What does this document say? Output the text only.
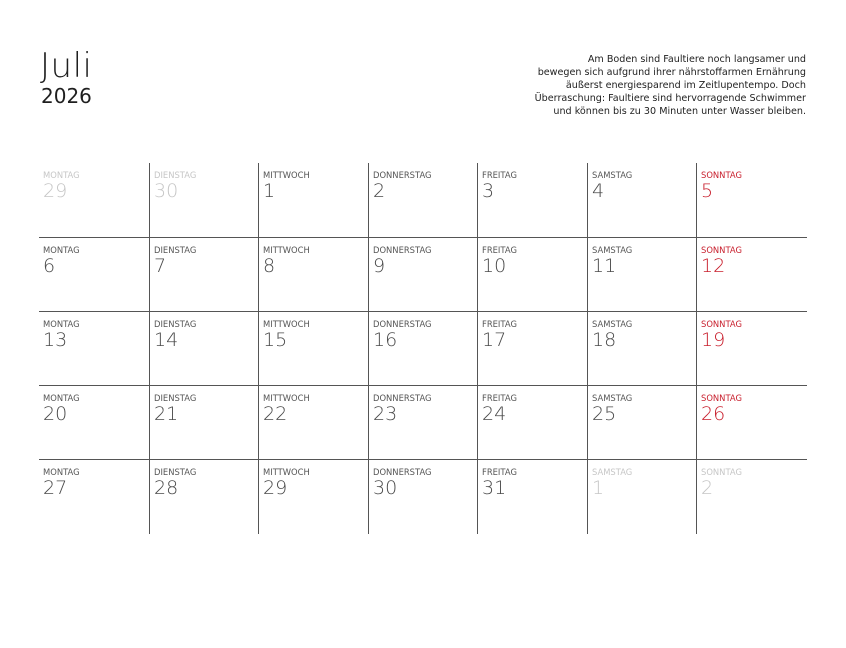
Juli
2026
Am Boden sind Faultiere noch langsamer und
bewegen sich aufgrund ihrer nährstoffarmen Ernährung
äußerst energiesparend im Zeitlupentempo. Doch
Überraschung: Faultiere sind hervorragende Schwimmer
und können bis zu 30 Minuten unter Wasser bleiben.
MONTAG
29
DIENSTAG
30
MITTWOCH
1
DONNERSTAG
2
FREITAG
3
SAMSTAG
4
SONNTAG
5
MONTAG
6
DIENSTAG
7
MITTWOCH
8
DONNERSTAG
9
FREITAG
10
SAMSTAG
11
SONNTAG
12
MONTAG
13
DIENSTAG
14
MITTWOCH
15
DONNERSTAG
16
FREITAG
17
SAMSTAG
18
SONNTAG
19
MONTAG
20
DIENSTAG
21
MITTWOCH
22
DONNERSTAG
23
FREITAG
24
SAMSTAG
25
SONNTAG
26
MONTAG
27
DIENSTAG
28
MITTWOCH
29
DONNERSTAG
30
FREITAG
31
SAMSTAG
1
SONNTAG
2
